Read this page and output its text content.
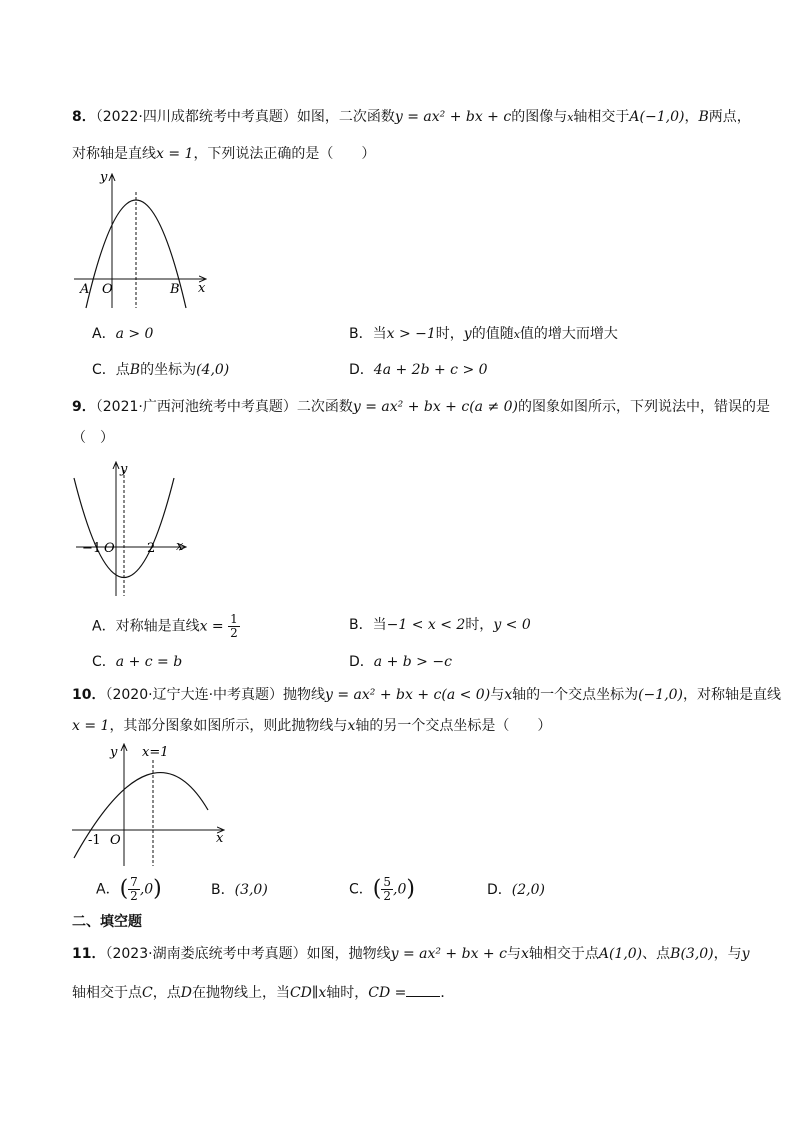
8．（2022·四川成都统考中考真题）如图，二次函数y = ax² + bx + c的图像与x轴相交于A(−1,0)，B两点，
对称轴是直线x = 1，下列说法正确的是（　　）
y
x
O
A	B
A．a > 0	B．当x > −1时，y的值随x值的增大而增大
C．点B的坐标为(4,0)	D．4a + 2b + c > 0
9．（2021·广西河池统考中考真题）二次函数y = ax² + bx + c(a ≠ 0)的图象如图所示，下列说法中，错误的是
（　）
y
x
O
−1	2
A．对称轴是直线$x = \frac{1}{2}$	B．当−1 < x < 2时，y < 0
C．a + c = b	D．a + b > −c
10．（2020·辽宁大连·中考真题）抛物线y = ax² + bx + c(a < 0)与x轴的一个交点坐标为(−1,0)，对称轴是直线
x = 1，其部分图象如图所示，则此抛物线与x轴的另一个交点坐标是（　　）
y
x
O
-1
x=1
A．( $\frac{7}{2} ,0$)	B．(3,0)	C．( $\frac{5}{2} ,0$)	D．(2,0)
二、填空题
11．（2023·湖南娄底统考中考真题）如图，抛物线y = ax² + bx + c与x轴相交于点A(1,0)、点B(3,0)，与y
轴相交于点C，点D在抛物线上，当CD∥x轴时，CD = ．
